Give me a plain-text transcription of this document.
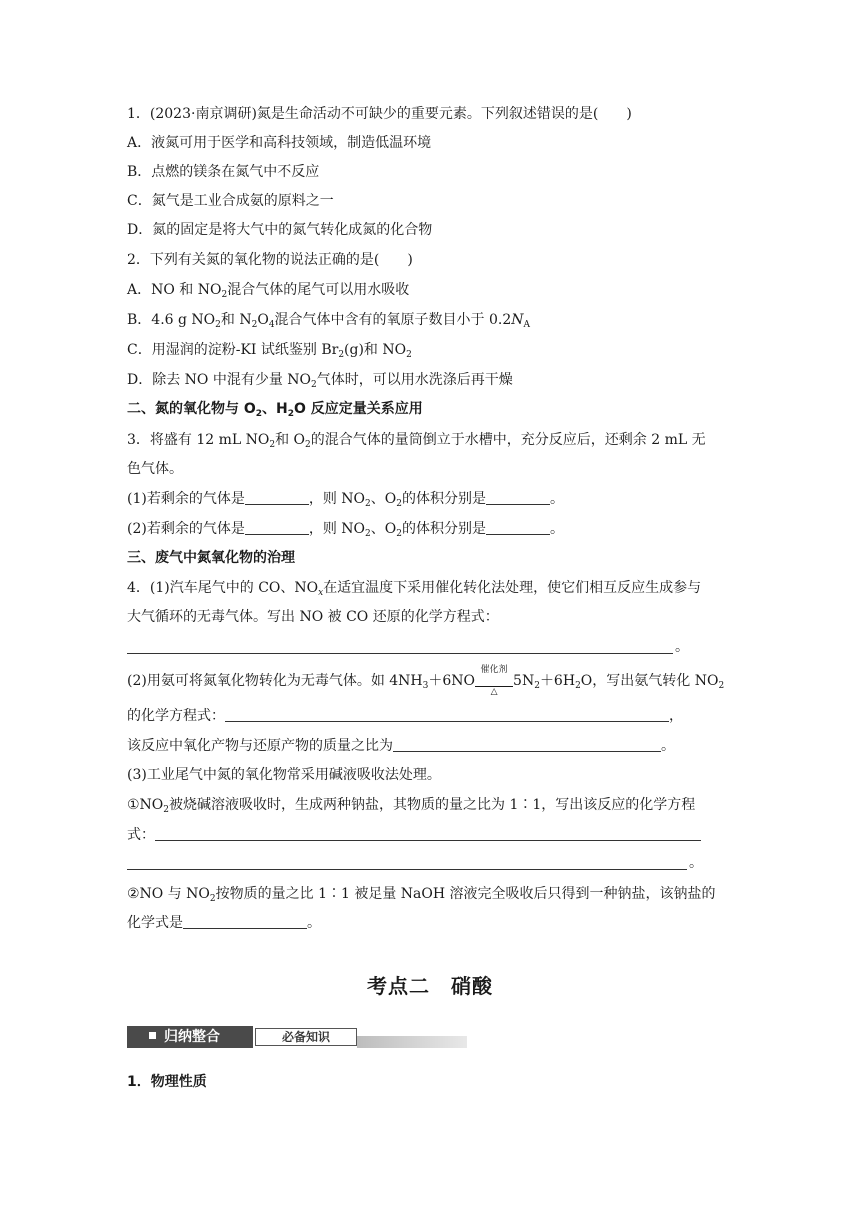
1．(2023·南京调研)氮是生命活动不可缺少的重要元素。下列叙述错误的是(　　)
A．液氮可用于医学和高科技领域，制造低温环境
B．点燃的镁条在氮气中不反应
C．氮气是工业合成氨的原料之一
D．氮的固定是将大气中的氮气转化成氮的化合物
2．下列有关氮的氧化物的说法正确的是(　　)
A．NO 和 $NO_2$混合气体的尾气可以用水吸收
B．4.6 g $NO_2$和 $N_2O_4$混合气体中含有的氧原子数目小于 $0.2N_A$
C．用湿润的淀粉-KI 试纸鉴别 $Br_2(g)$和 $NO_2$
D．除去 NO 中混有少量 $NO_2$气体时，可以用水洗涤后再干燥
二、氮的氧化物与 $O_2$、$H_2O$ 反应定量关系应用
3．将盛有 12 mL $NO_2$和 $O_2$的混合气体的量筒倒立于水槽中，充分反应后，还剩余 2 mL 无
色气体。
(1)若剩余的气体是	，则 $NO_2$、$O_2$的体积分别是	。
(2)若剩余的气体是	，则 $NO_2$、$O_2$的体积分别是	。
三、废气中氮氧化物的治理
4．(1)汽车尾气中的 CO、$NO_x$在适宜温度下采用催化转化法处理，使它们相互反应生成参与
大气循环的无毒气体。写出 NO 被 CO 还原的化学方程式：
。
(2)用氨可将氮氧化物转化为无毒气体。如 $4NH_3+6NO$
催化剂
△
$5N_2+6H_2O$，写出氨气转化 $NO_2$
的化学方程式：	，
该反应中氧化产物与还原产物的质量之比为	。
(3)工业尾气中氮的氧化物常采用碱液吸收法处理。
$①NO_2$被烧碱溶液吸收时，生成两种钠盐，其物质的量之比为 1∶1，写出该反应的化学方程
式：
。
②NO 与 $NO_2$按物质的量之比 1∶1 被足量 NaOH 溶液完全吸收后只得到一种钠盐，该钠盐的
化学式是	。
考点二　硝酸
归纳整合	必备知识
1．物理性质
